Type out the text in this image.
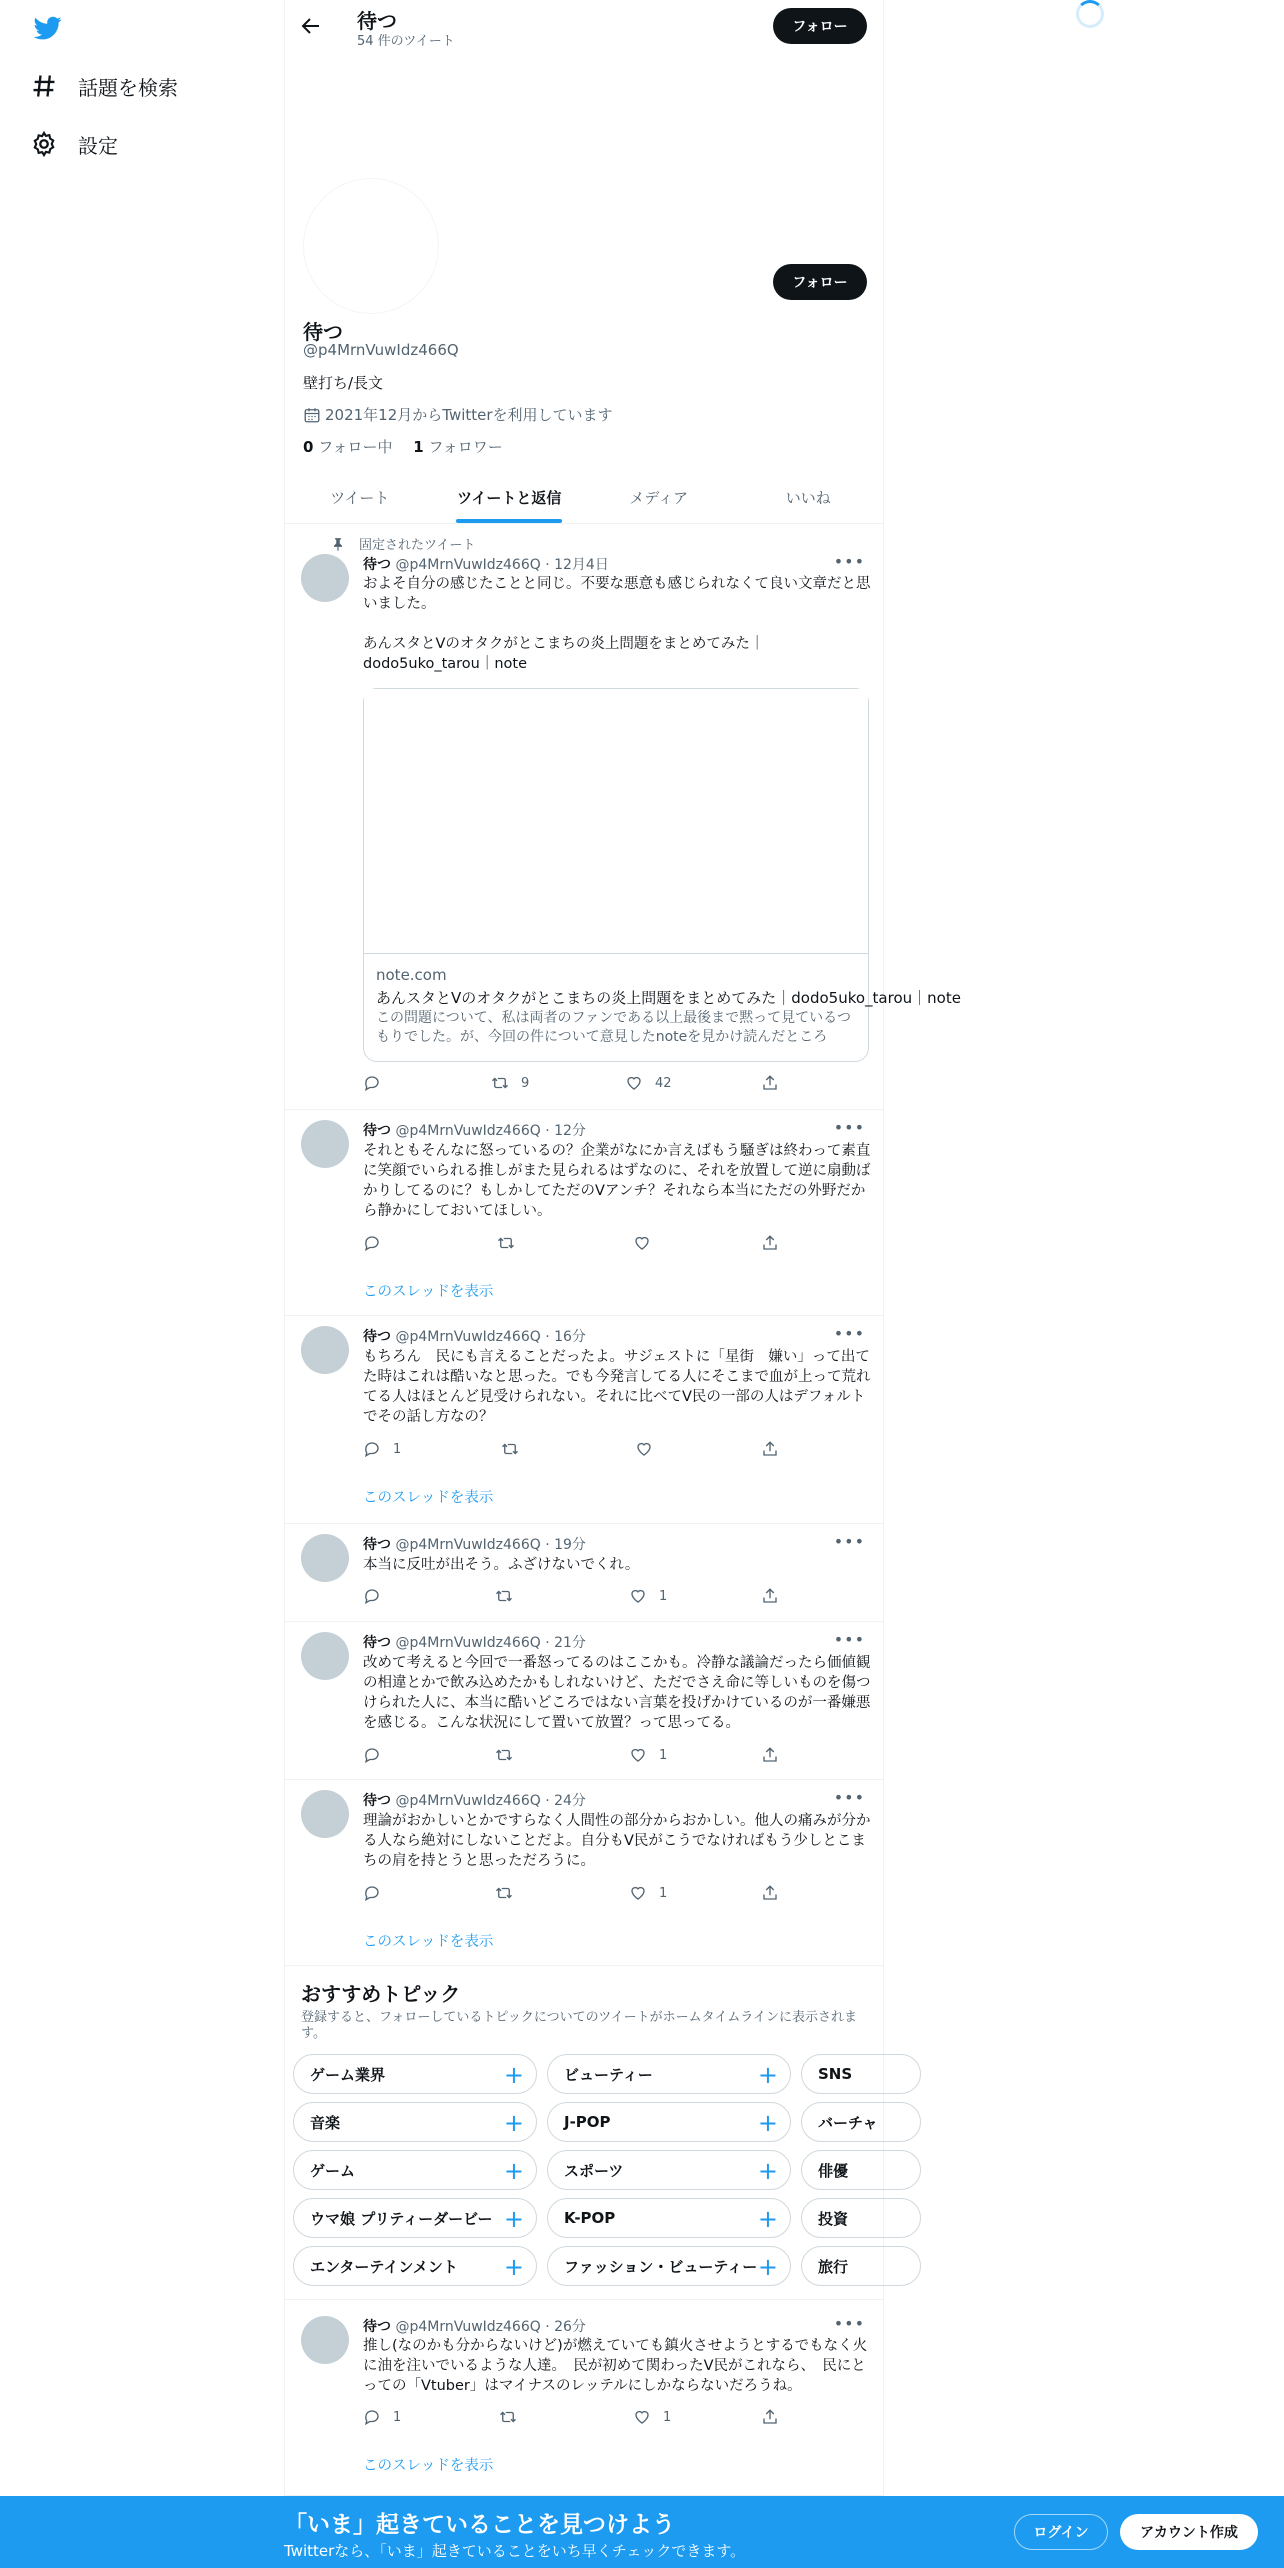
話題を検索
設定
待つ
54 件のツイート
フォロー
フォロー
待つ
@p4MrnVuwIdz466Q
壁打ち/長文
2021年12月からTwitterを利用しています
0 フォロー中 1 フォロワー
ツイート	ツイートと返信	メディア	いいね
固定されたツイート
待つ @p4MrnVuwIdz466Q · 12月4日	•••
およそ自分の感じたことと同じ。不要な悪意も感じられなくて良い文章だと思いました。

あんスタとVのオタクがとこまちの炎上問題をまとめてみた｜dodo5uko_tarou｜note
note.com
あんスタとVのオタクがとこまちの炎上問題をまとめてみた｜dodo5uko_tarou｜note
この問題について、私は両者のファンである以上最後まで黙って見ているつもりでした。が、今回の件について意見したnoteを見かけ読んだところ
9	42
待つ @p4MrnVuwIdz466Q · 12分	•••
それともそんなに怒っているの？企業がなにか言えばもう騒ぎは終わって素直に笑顔でいられる推しがまた見られるはずなのに、それを放置して逆に扇動ばかりしてるのに？もしかしてただのVアンチ？それなら本当にただの外野だから静かにしておいてほしい。
このスレッドを表示
待つ @p4MrnVuwIdz466Q · 16分	•••
もちろん　民にも言えることだったよ。サジェストに「星街　嫌い」って出てた時はこれは酷いなと思った。でも今発言してる人にそこまで血が上って荒れてる人はほとんど見受けられない。それに比べてV民の一部の人はデフォルトでその話し方なの？
1
このスレッドを表示
待つ @p4MrnVuwIdz466Q · 19分	•••
本当に反吐が出そう。ふざけないでくれ。
1
待つ @p4MrnVuwIdz466Q · 21分	•••
改めて考えると今回で一番怒ってるのはここかも。冷静な議論だったら価値観の相違とかで飲み込めたかもしれないけど、ただでさえ命に等しいものを傷つけられた人に、本当に酷いどころではない言葉を投げかけているのが一番嫌悪を感じる。こんな状況にして置いて放置？って思ってる。
1
待つ @p4MrnVuwIdz466Q · 24分	•••
理論がおかしいとかですらなく人間性の部分からおかしい。他人の痛みが分かる人なら絶対にしないことだよ。自分もV民がこうでなければもう少しとこまちの肩を持とうと思っただろうに。
1
このスレッドを表示
おすすめトピック
登録すると、フォローしているトピックについてのツイートがホームタイムラインに表示されます。
ゲーム業界	+	ビューティー	+	SNS
音楽	+	J-POP	+	バーチャ
ゲーム	+	スポーツ	+	俳優
ウマ娘 プリティーダービー +	K-POP	+	投資
エンターテインメント +	ファッション・ビューティー +	旅行
待つ @p4MrnVuwIdz466Q · 26分	•••
推し(なのかも分からないけど)が燃えていても鎮火させようとするでもなく火に油を注いでいるような人達。　民が初めて関わったV民がこれなら、　民にとっての「Vtuber」はマイナスのレッテルにしかならないだろうね。
1	1
このスレッドを表示
「いま」起きていることを見つけよう
Twitterなら、「いま」起きていることをいち早くチェックできます。
ログイン	アカウント作成
